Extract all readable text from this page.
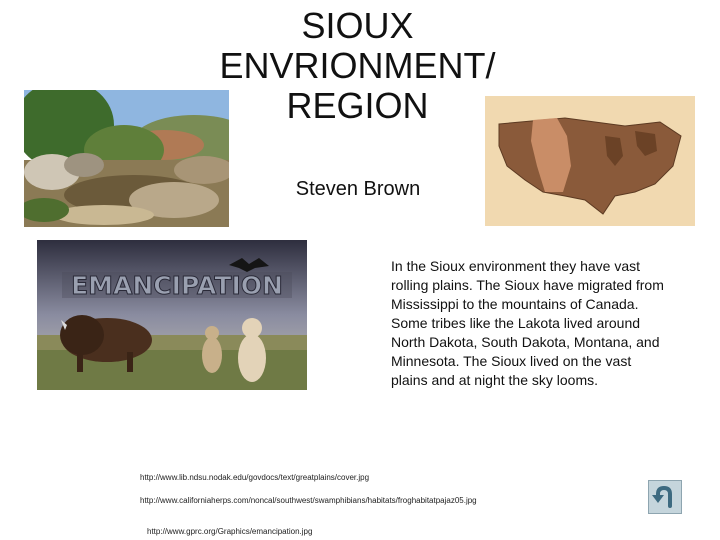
SIOUX
ENVRIONMENT/
REGION
Steven Brown
EMANCIPATION
In the Sioux environment they have vast rolling plains. The Sioux have migrated from Mississippi to the mountains of Canada. Some tribes like the Lakota lived around North Dakota, South Dakota, Montana, and Minnesota. The Sioux lived on the vast plains and at night the sky looms.
http://www.lib.ndsu.nodak.edu/govdocs/text/greatplains/cover.jpg
http://www.californiaherps.com/noncal/southwest/swamphibians/habitats/froghabitatpajaz05.jpg
http://www.gprc.org/Graphics/emancipation.jpg
